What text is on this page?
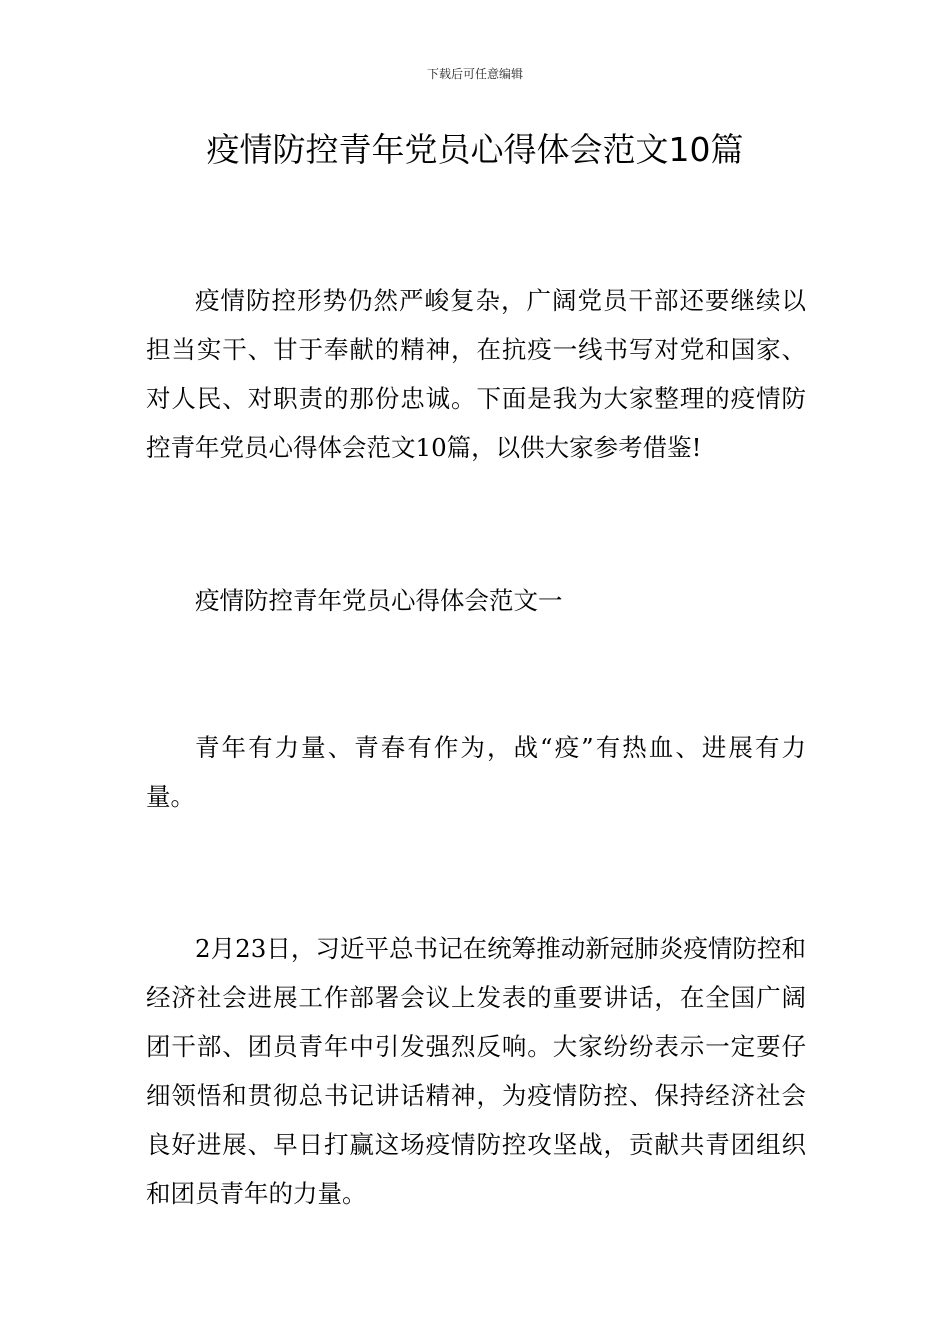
下载后可任意编辑
疫情防控青年党员心得体会范文10篇

疫情防控形势仍然严峻复杂，广阔党员干部还要继续以担当实干、甘于奉献的精神，在抗疫一线书写对党和国家、对人民、对职责的那份忠诚。下面是我为大家整理的疫情防控青年党员心得体会范文10篇，以供大家参考借鉴!

疫情防控青年党员心得体会范文一

青年有力量、青春有作为，战“疫”有热血、进展有力量。

2月23日，习近平总书记在统筹推动新冠肺炎疫情防控和经济社会进展工作部署会议上发表的重要讲话，在全国广阔团干部、团员青年中引发强烈反响。大家纷纷表示一定要仔细领悟和贯彻总书记讲话精神，为疫情防控、保持经济社会良好进展、早日打赢这场疫情防控攻坚战，贡献共青团组织和团员青年的力量。
